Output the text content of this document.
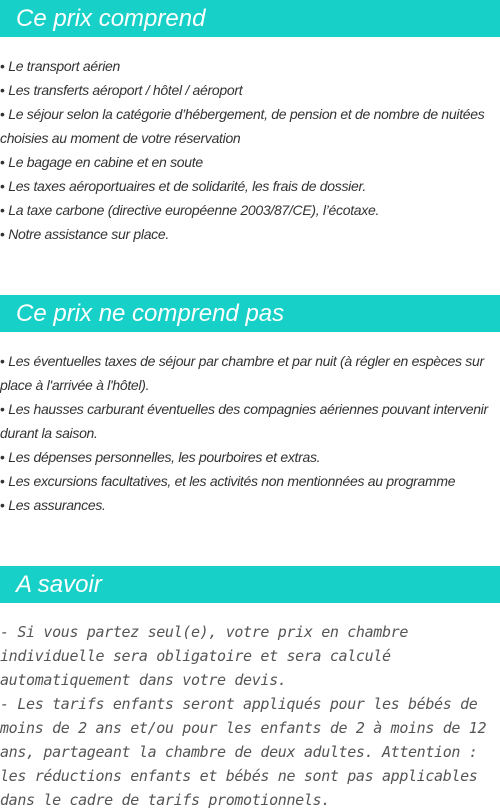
Ce prix comprend
• Le transport aérien
• Les transferts aéroport / hôtel / aéroport
• Le séjour selon la catégorie d’hébergement, de pension et de nombre de nuitées choisies au moment de votre réservation
• Le bagage en cabine et en soute
• Les taxes aéroportuaires et de solidarité, les frais de dossier.
• La taxe carbone (directive européenne 2003/87/CE), l’écotaxe.
• Notre assistance sur place.
Ce prix ne comprend pas
• Les éventuelles taxes de séjour par chambre et par nuit (à régler en espèces sur place à l'arrivée à l'hôtel).
• Les hausses carburant éventuelles des compagnies aériennes pouvant intervenir durant la saison.
• Les dépenses personnelles, les pourboires et extras.
• Les excursions facultatives, et les activités non mentionnées au programme
• Les assurances.
A savoir
- Si vous partez seul(e), votre prix en chambre individuelle sera obligatoire et sera calculé automatiquement dans votre devis.
- Les tarifs enfants seront appliqués pour les bébés de moins de 2 ans et/ou pour les enfants de 2 à moins de 12 ans, partageant la chambre de deux adultes. Attention : les réductions enfants et bébés ne sont pas applicables dans le cadre de tarifs promotionnels.
